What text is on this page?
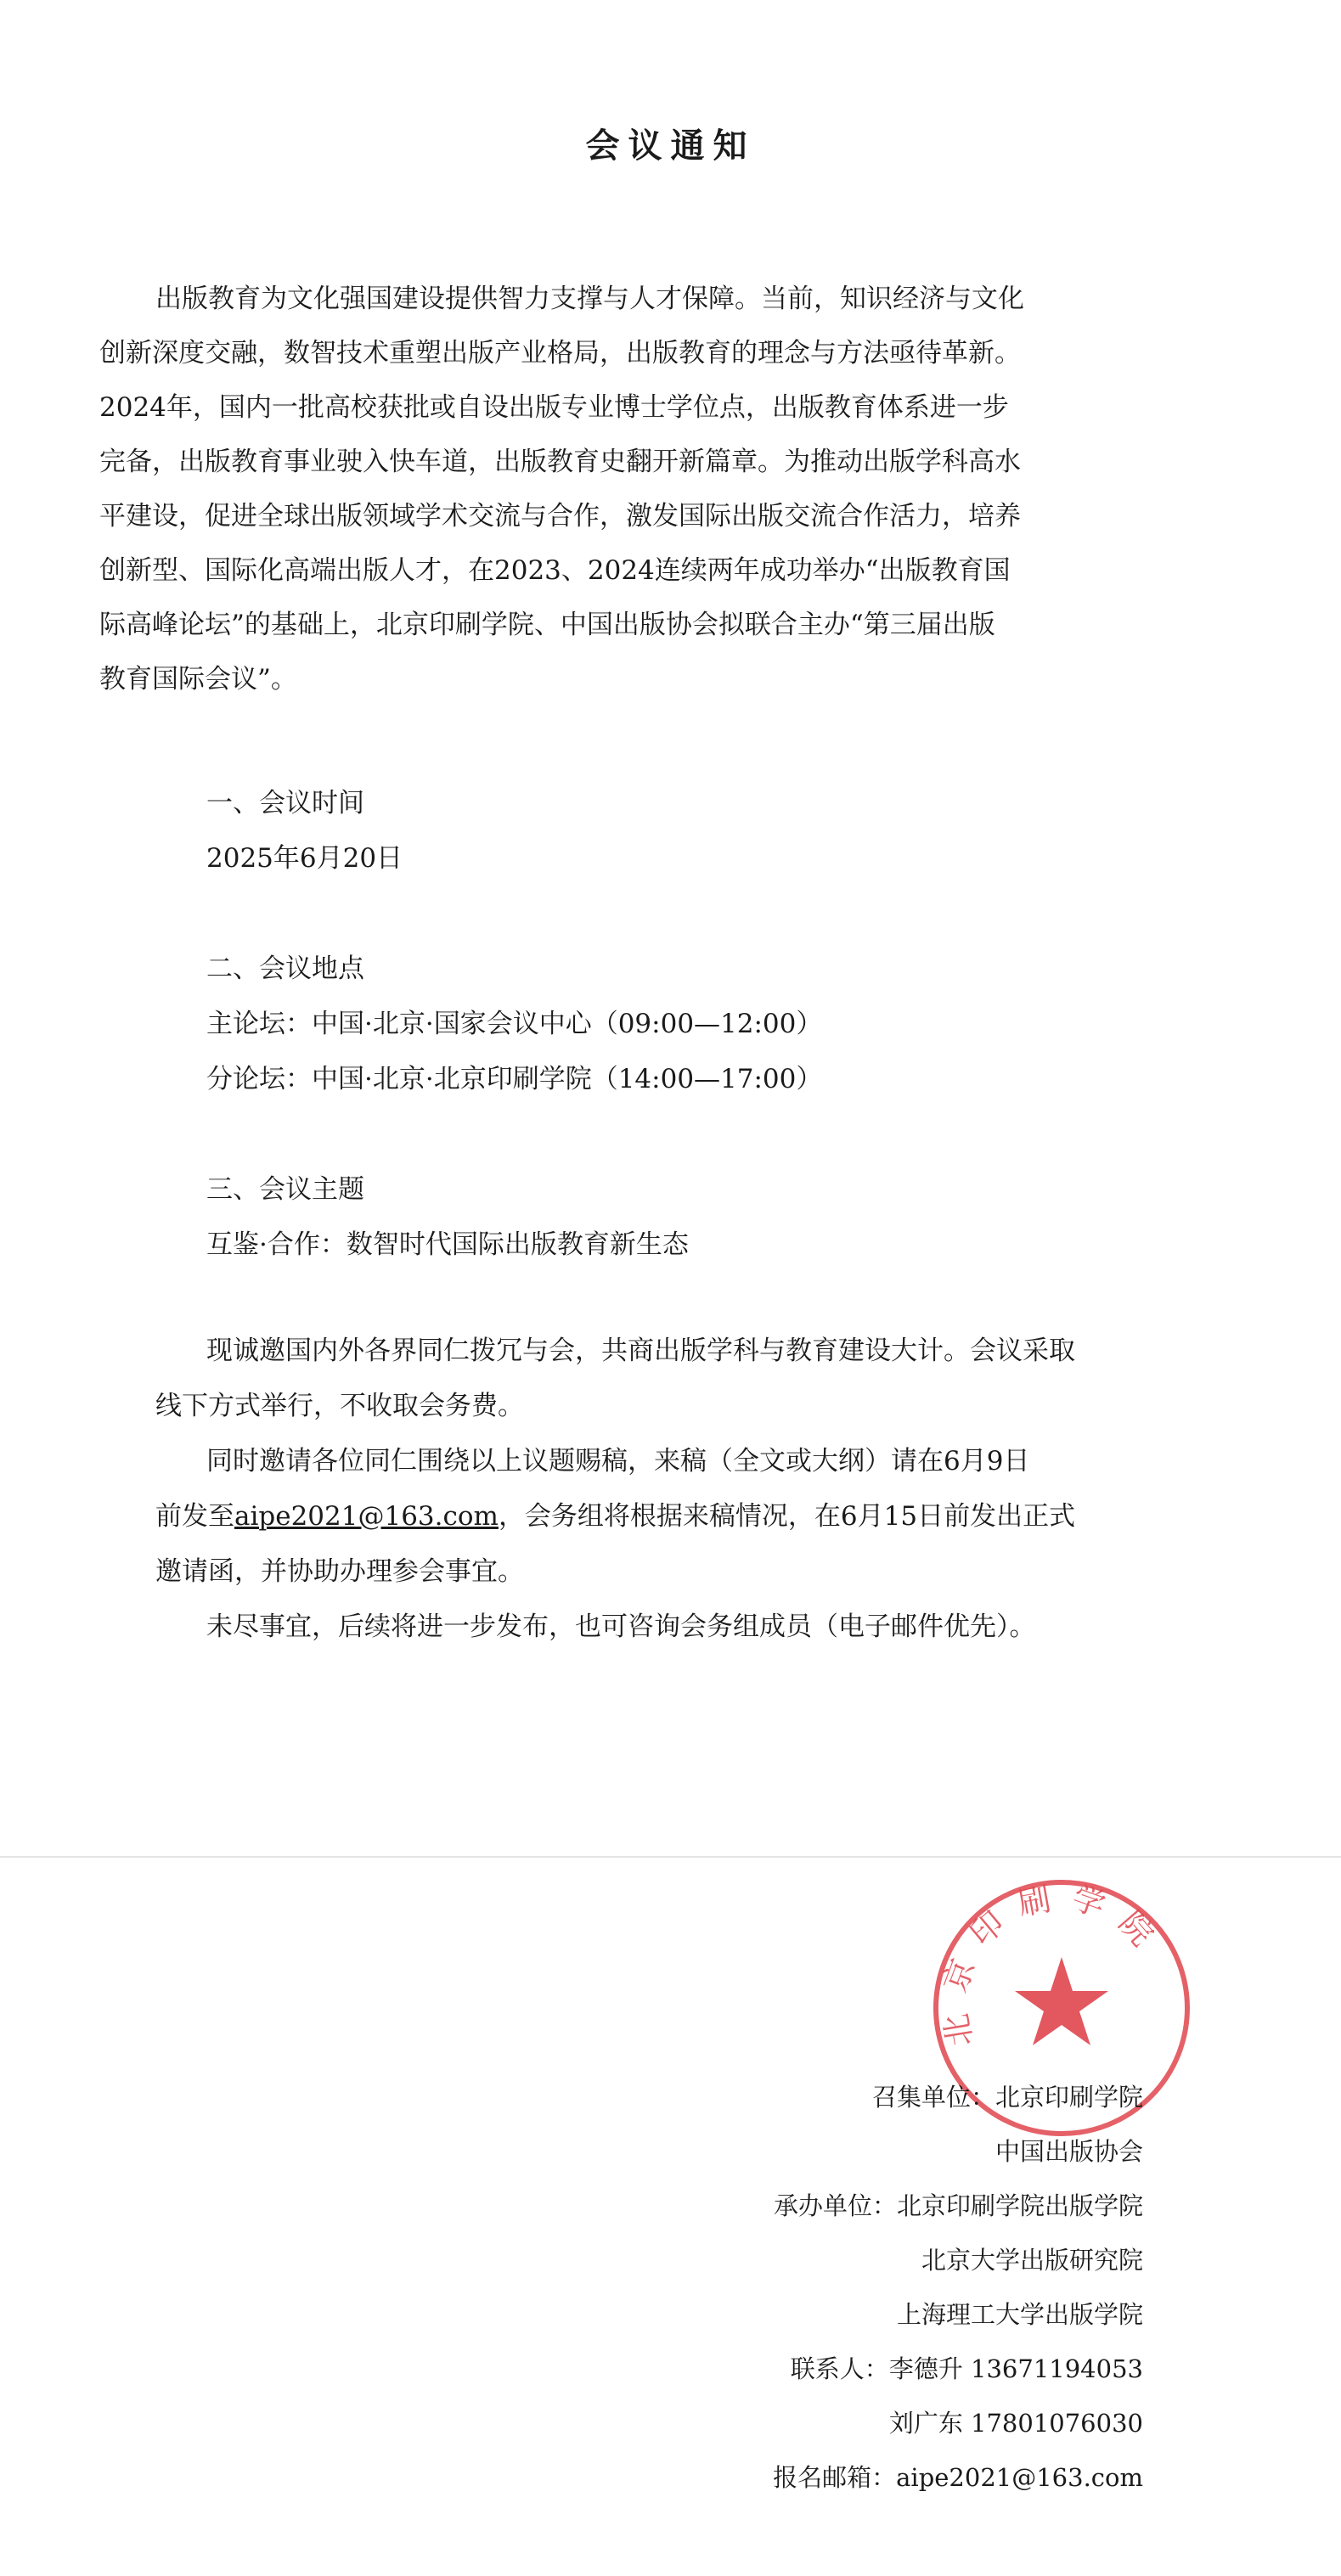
会议通知
出版教育为文化强国建设提供智力支撑与人才保障。当前，知识经济与文化
创新深度交融，数智技术重塑出版产业格局，出版教育的理念与方法亟待革新。
2024年，国内一批高校获批或自设出版专业博士学位点，出版教育体系进一步
完备，出版教育事业驶入快车道，出版教育史翻开新篇章。为推动出版学科高水
平建设，促进全球出版领域学术交流与合作，激发国际出版交流合作活力，培养
创新型、国际化高端出版人才，在2023、2024连续两年成功举办“出版教育国
际高峰论坛”的基础上，北京印刷学院、中国出版协会拟联合主办“第三届出版
教育国际会议”。
一、会议时间
2025年6月20日
二、会议地点
主论坛：中国·北京·国家会议中心（09:00—12:00）
分论坛：中国·北京·北京印刷学院（14:00—17:00）
三、会议主题
互鉴·合作：数智时代国际出版教育新生态
现诚邀国内外各界同仁拨冗与会，共商出版学科与教育建设大计。会议采取
线下方式举行，不收取会务费。
同时邀请各位同仁围绕以上议题赐稿，来稿（全文或大纲）请在6月9日
前发至aipe2021@163.com，会务组将根据来稿情况，在6月15日前发出正式
邀请函，并协助办理参会事宜。
未尽事宜，后续将进一步发布，也可咨询会务组成员（电子邮件优先）。
北京印刷学院
召集单位：北京印刷学院
中国出版协会
承办单位：北京印刷学院出版学院
北京大学出版研究院
上海理工大学出版学院
联系人：李德升 13671194053
刘广东 17801076030
报名邮箱：aipe2021@163.com
